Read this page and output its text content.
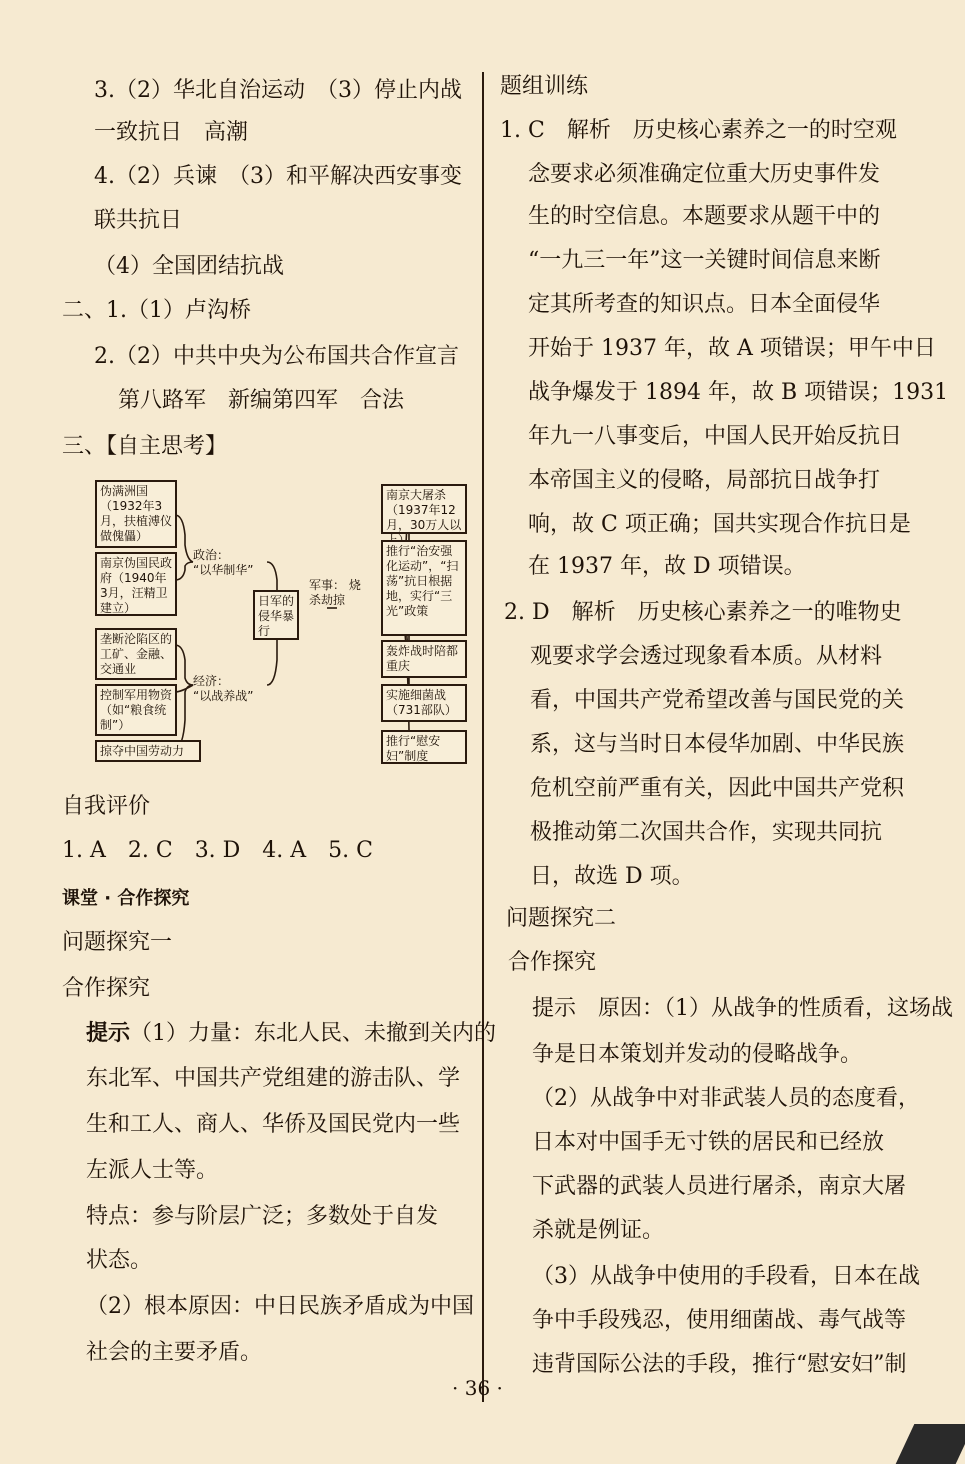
3.（2）华北自治运动　（3）停止内战
一致抗日　高潮
4.（2）兵谏　（3）和平解决西安事变
联共抗日
（4）全国团结抗战
二、1.（1）卢沟桥
2.（2）中共中央为公布国共合作宣言
第八路军　新编第四军　合法
三、【自主思考】
自我评价
1. A　2. C　3. D　4. A　5. C
课堂 · 合作探究
问题探究一
合作探究
提示（1）力量：东北人民、未撤到关内的
东北军、中国共产党组建的游击队、学
生和工人、商人、华侨及国民党内一些
左派人士等。
特点：参与阶层广泛；多数处于自发
状态。
（2）根本原因：中日民族矛盾成为中国
社会的主要矛盾。
伪满洲国（1932年3月，扶植溥仪做傀儡）
南京伪国民政府（1940年3月，汪精卫建立）
垄断沦陷区的工矿、金融、交通业
控制军用物资（如“粮食统制”）
掠夺中国劳动力
政治：
“以华制华”
经济：
“以战养战”
日军的侵华暴行
军事： 烧杀劫掠
南京大屠杀（1937年12月，30万人以
推行“治安强化运动”，“扫荡”抗日根据地，实行“三光”政策
轰炸战时陪都重庆
实施细菌战（731部队）
推行“慰安妇”制度
题组训练
1. C　解析　历史核心素养之一的时空观
念要求必须准确定位重大历史事件发
生的时空信息。本题要求从题干中的
“一九三一年”这一关键时间信息来断
定其所考查的知识点。日本全面侵华
开始于 1937 年，故 A 项错误；甲午中日
战争爆发于 1894 年，故 B 项错误；1931
年九一八事变后，中国人民开始反抗日
本帝国主义的侵略，局部抗日战争打
响，故 C 项正确；国共实现合作抗日是
在 1937 年，故 D 项错误。
2. D　解析　历史核心素养之一的唯物史
观要求学会透过现象看本质。从材料
看，中国共产党希望改善与国民党的关
系，这与当时日本侵华加剧、中华民族
危机空前严重有关，因此中国共产党积
极推动第二次国共合作，实现共同抗
日，故选 D 项。
问题探究二
合作探究
提示　原因：（1）从战争的性质看，这场战
争是日本策划并发动的侵略战争。
（2）从战争中对非武装人员的态度看，
日本对中国手无寸铁的居民和已经放
下武器的武装人员进行屠杀，南京大屠
杀就是例证。
（3）从战争中使用的手段看，日本在战
争中手段残忍，使用细菌战、毒气战等
违背国际公法的手段，推行“慰安妇”制
· 36 ·
